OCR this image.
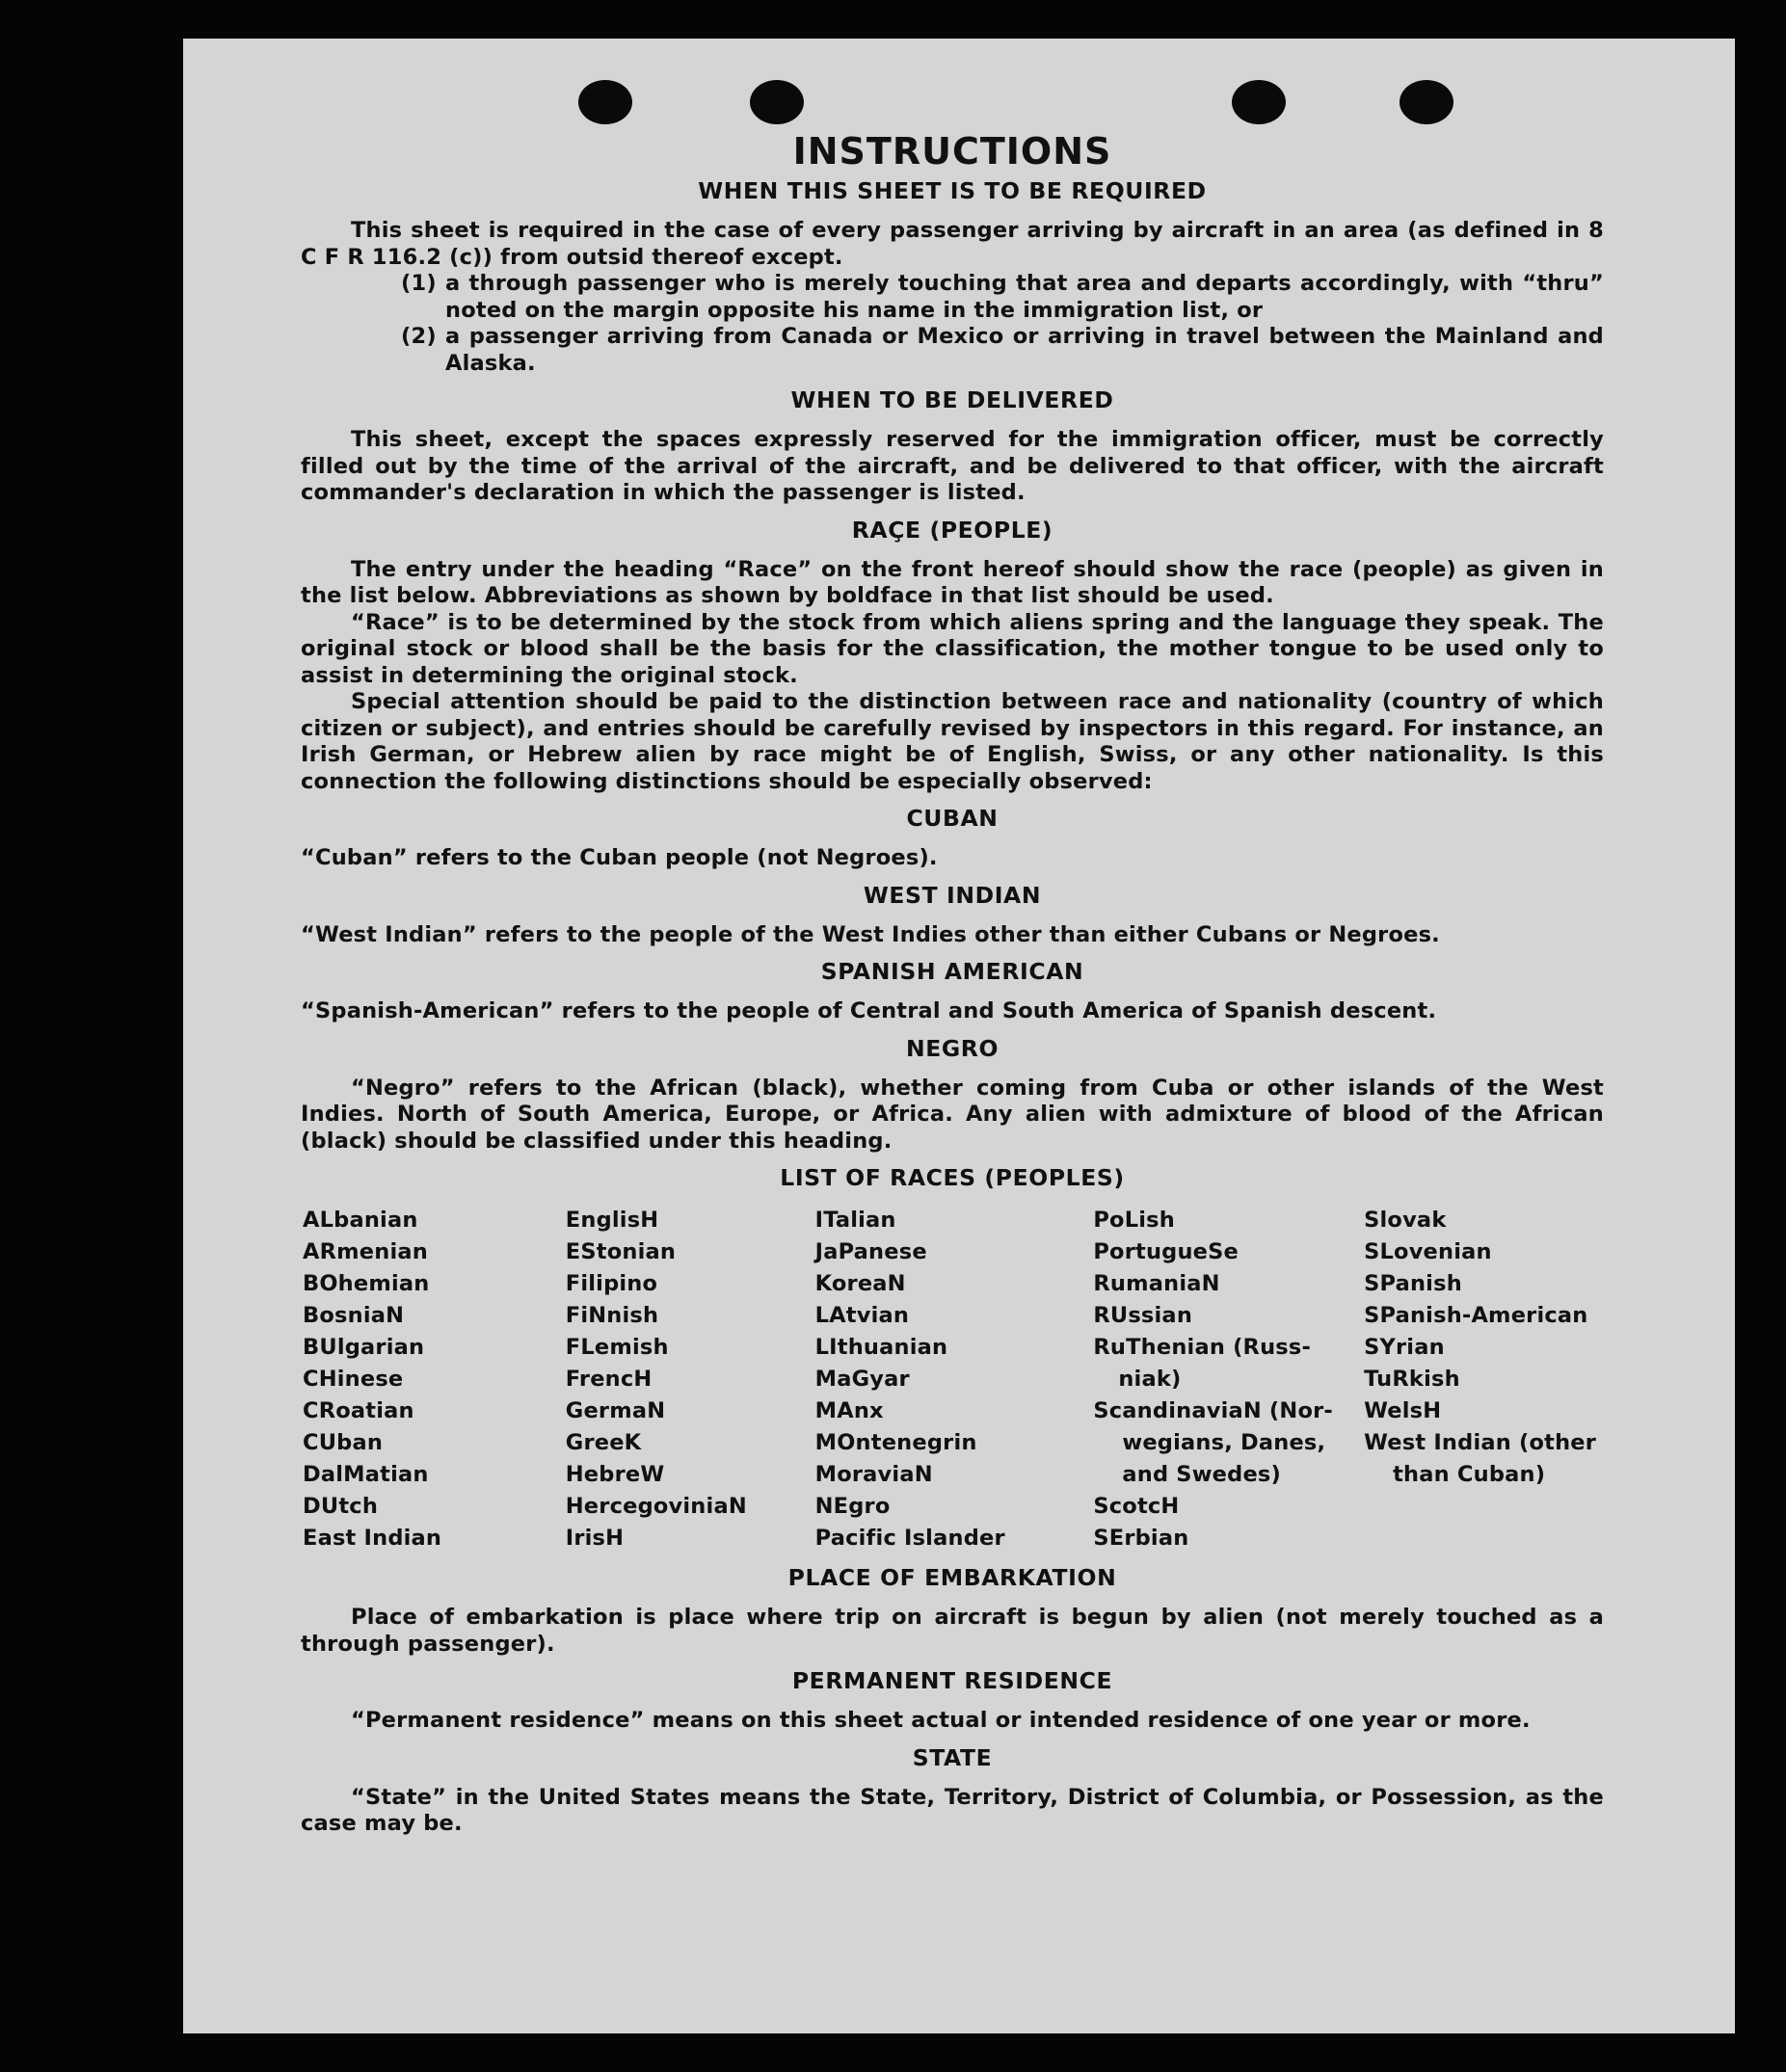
INSTRUCTIONS
WHEN THIS SHEET IS TO BE REQUIRED

This sheet is required in the case of every passenger arriving by aircraft in an area (as defined in 8 C F R 116.2 (c)) from outsid thereof except.

(1) a through passenger who is merely touching that area and departs accordingly, with “thru” noted on the margin opposite his name in the immigration list, or
(2) a passenger arriving from Canada or Mexico or arriving in travel between the Mainland and Alaska.
WHEN TO BE DELIVERED

This sheet, except the spaces expressly reserved for the immigration officer, must be correctly filled out by the time of the arrival of the aircraft, and be delivered to that officer, with the aircraft commander's declaration in which the passenger is listed.

RAÇE (PEOPLE)

The entry under the heading “Race” on the front hereof should show the race (people) as given in the list below. Abbreviations as shown by boldface in that list should be used.

“Race” is to be determined by the stock from which aliens spring and the language they speak. The original stock or blood shall be the basis for the classification, the mother tongue to be used only to assist in determining the original stock.

Special attention should be paid to the distinction between race and nationality (country of which citizen or subject), and entries should be carefully revised by inspectors in this regard. For instance, an Irish German, or Hebrew alien by race might be of English, Swiss, or any other nationality. Is this connection the following distinctions should be especially observed:

CUBAN

“Cuban” refers to the Cuban people (not Negroes).

WEST INDIAN

“West Indian” refers to the people of the West Indies other than either Cubans or Negroes.

SPANISH AMERICAN

“Spanish-American” refers to the people of Central and South America of Spanish descent.

NEGRO

“Negro” refers to the African (black), whether coming from Cuba or other islands of the West Indies. North of South America, Europe, or Africa. Any alien with admixture of blood of the African (black) should be classified under this heading.

LIST OF RACES (PEOPLES)
ALbanian
ARmenian
BOhemian
BosniaN
BUlgarian
CHinese
CRoatian
CUban
DalMatian
DUtch
East Indian
EnglisH
EStonian
Filipino
FiNnish
FLemish
FrencH
GermaN
GreeK
HebreW
HercegoviniaN
IrisH
ITalian
JaPanese
KoreaN
LAtvian
LIthuanian
MaGyar
MAnx
MOntenegrin
MoraviaN
NEgro
Pacific Islander
PoLish
PortugueSe
RumaniaN
RUssian
RuThenian (Russ-
niak)
ScandinaviaN (Nor-
wegians, Danes,
and Swedes)
ScotcH
SErbian
Slovak
SLovenian
SPanish
SPanish-American
SYrian
TuRkish
WelsH
West Indian (other
than Cuban)
PLACE OF EMBARKATION

Place of embarkation is place where trip on aircraft is begun by alien (not merely touched as a through passenger).

PERMANENT RESIDENCE

“Permanent residence” means on this sheet actual or intended residence of one year or more.

STATE

“State” in the United States means the State, Territory, District of Columbia, or Possession, as the case may be.
